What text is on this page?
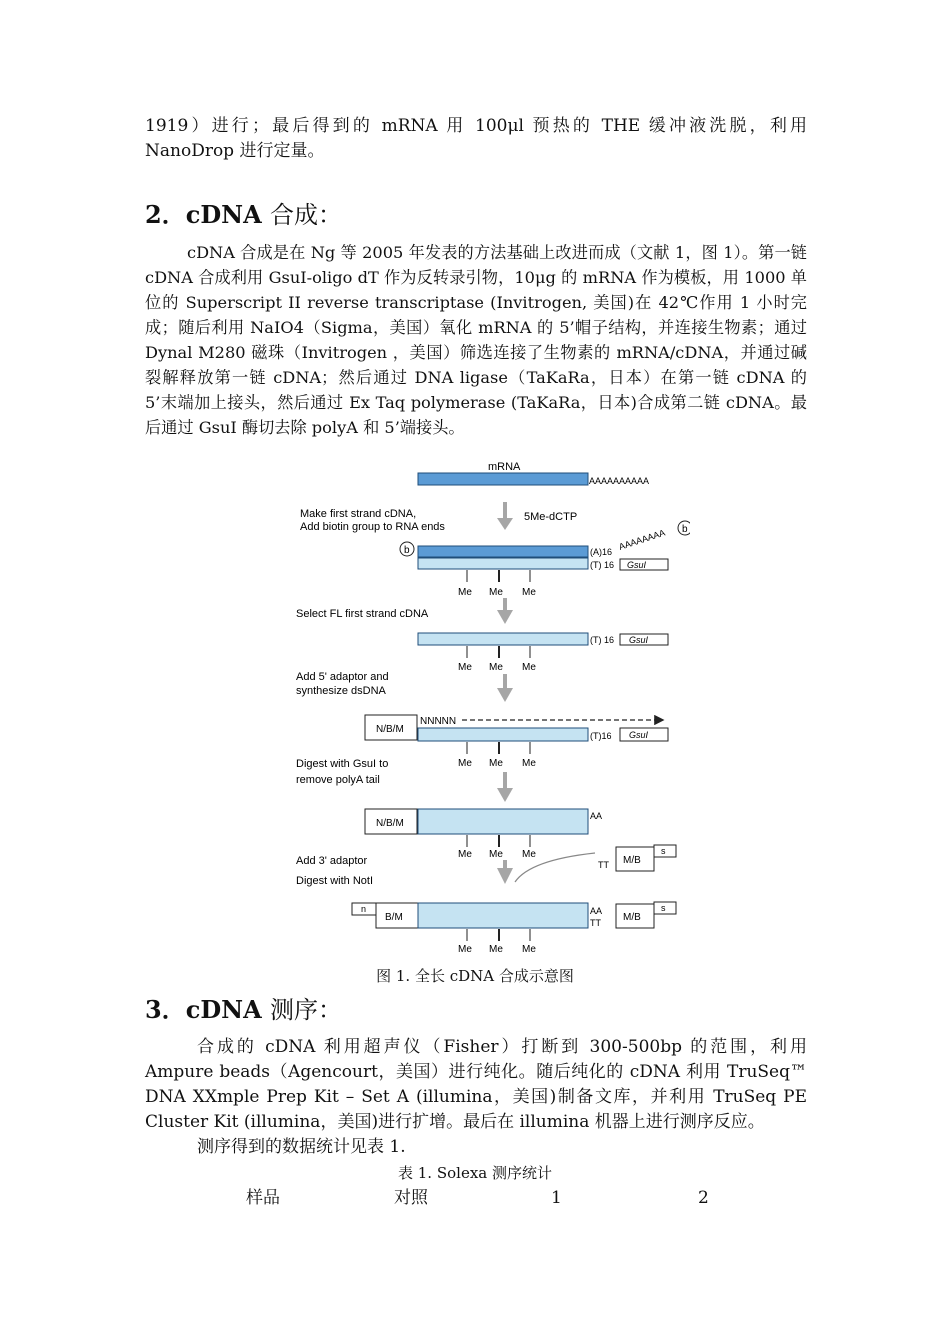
1919）进行；最后得到的 mRNA 用 100μl 预热的 THE 缓冲液洗脱，利用 NanoDrop 进行定量。
2．cDNA 合成：
cDNA 合成是在 Ng 等 2005 年发表的方法基础上改进而成（文献 1，图 1）。第一链 cDNA 合成利用 GsuI-oligo dT 作为反转录引物，10μg 的 mRNA 作为模板，用 1000 单位的 Superscript II reverse transcriptase (Invitrogen, 美国)在 42℃作用 1 小时完成；随后利用 NaIO4（Sigma，美国）氧化 mRNA 的 5’帽子结构，并连接生物素；通过 Dynal M280 磁珠（Invitrogen ，美国）筛选连接了生物素的 mRNA/cDNA，并通过碱裂解释放第一链 cDNA；然后通过 DNA ligase（TaKaRa，日本）在第一链 cDNA 的 5’末端加上接头，然后通过 Ex Taq polymerase (TaKaRa，日本)合成第二链 cDNA。最后通过 GsuI 酶切去除 polyA 和 5’端接头。
mRNA
AAAAAAAAAA
Make first strand cDNA,
Add biotin group to RNA ends
5Me-dCTP
b	(A)16
(T) 16
AAAAAAAA b
GsuI
Me Me Me
Select FL first strand cDNA
(T) 16 GsuI
Me Me Me
Add 5' adaptor and
synthesize dsDNA
N/B/M
NNNNN
(T)16 GsuI
Me Me Me
Digest with GsuI to
remove polyA tail
N/B/M
AA
Me Me Me
Add 3' adaptor
Digest with NotI
TT M/B
s
n
B/M
AA
TT M/B
s
Me Me Me
图 1. 全长 cDNA 合成示意图
3．cDNA 测序：
合成的 cDNA 利用超声仪（Fisher）打断到 300-500bp 的范围，利用 Ampure beads（Agencourt，美国）进行纯化。随后纯化的 cDNA 利用 TruSeq™ DNA XXmple Prep Kit – Set A (illumina，美国)制备文库，并利用 TruSeq PE Cluster Kit (illumina，美国)进行扩增。最后在 illumina 机器上进行测序反应。
测序得到的数据统计见表 1.
表 1. Solexa 测序统计
样品	对照	1	2
